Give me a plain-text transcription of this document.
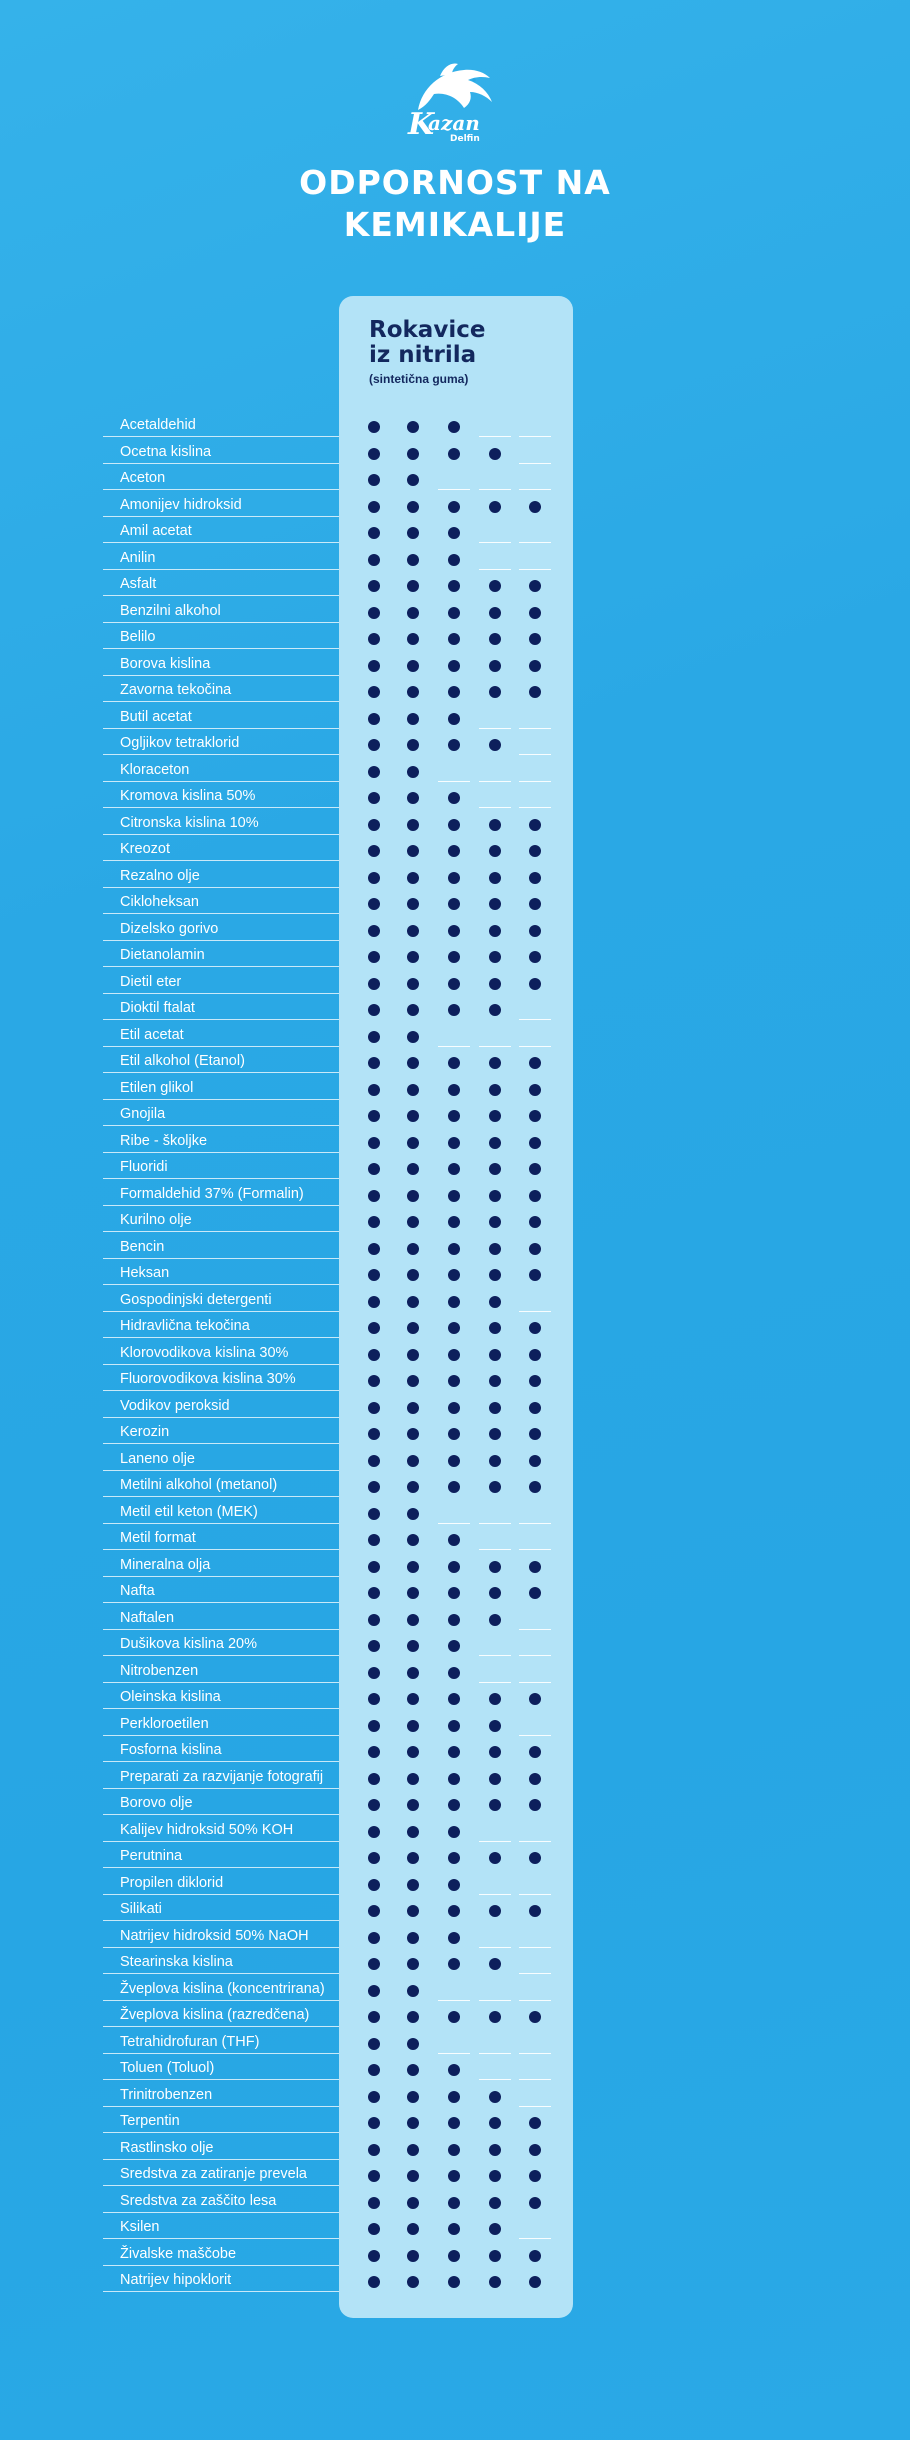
K
azan
Delfin
ODPORNOST NA
KEMIKALIJE
Rokavice
iz nitrila
(sintetična guma)
Acetaldehid
Ocetna kislina
Aceton
Amonijev hidroksid
Amil acetat
Anilin
Asfalt
Benzilni alkohol
Belilo
Borova kislina
Zavorna tekočina
Butil acetat
Ogljikov tetraklorid
Kloraceton
Kromova kislina 50%
Citronska kislina 10%
Kreozot
Rezalno olje
Cikloheksan
Dizelsko gorivo
Dietanolamin
Dietil eter
Dioktil ftalat
Etil acetat
Etil alkohol (Etanol)
Etilen glikol
Gnojila
Ribe - školjke
Fluoridi
Formaldehid 37% (Formalin)
Kurilno olje
Bencin
Heksan
Gospodinjski detergenti
Hidravlična tekočina
Klorovodikova kislina 30%
Fluorovodikova kislina 30%
Vodikov peroksid
Kerozin
Laneno olje
Metilni alkohol (metanol)
Metil etil keton (MEK)
Metil format
Mineralna olja
Nafta
Naftalen
Dušikova kislina 20%
Nitrobenzen
Oleinska kislina
Perkloroetilen
Fosforna kislina
Preparati za razvijanje fotografij
Borovo olje
Kalijev hidroksid 50% KOH
Perutnina
Propilen diklorid
Silikati
Natrijev hidroksid 50% NaOH
Stearinska kislina
Žveplova kislina (koncentrirana)
Žveplova kislina (razredčena)
Tetrahidrofuran (THF)
Toluen (Toluol)
Trinitrobenzen
Terpentin
Rastlinsko olje
Sredstva za zatiranje prevela
Sredstva za zaščito lesa
Ksilen
Živalske maščobe
Natrijev hipoklorit
